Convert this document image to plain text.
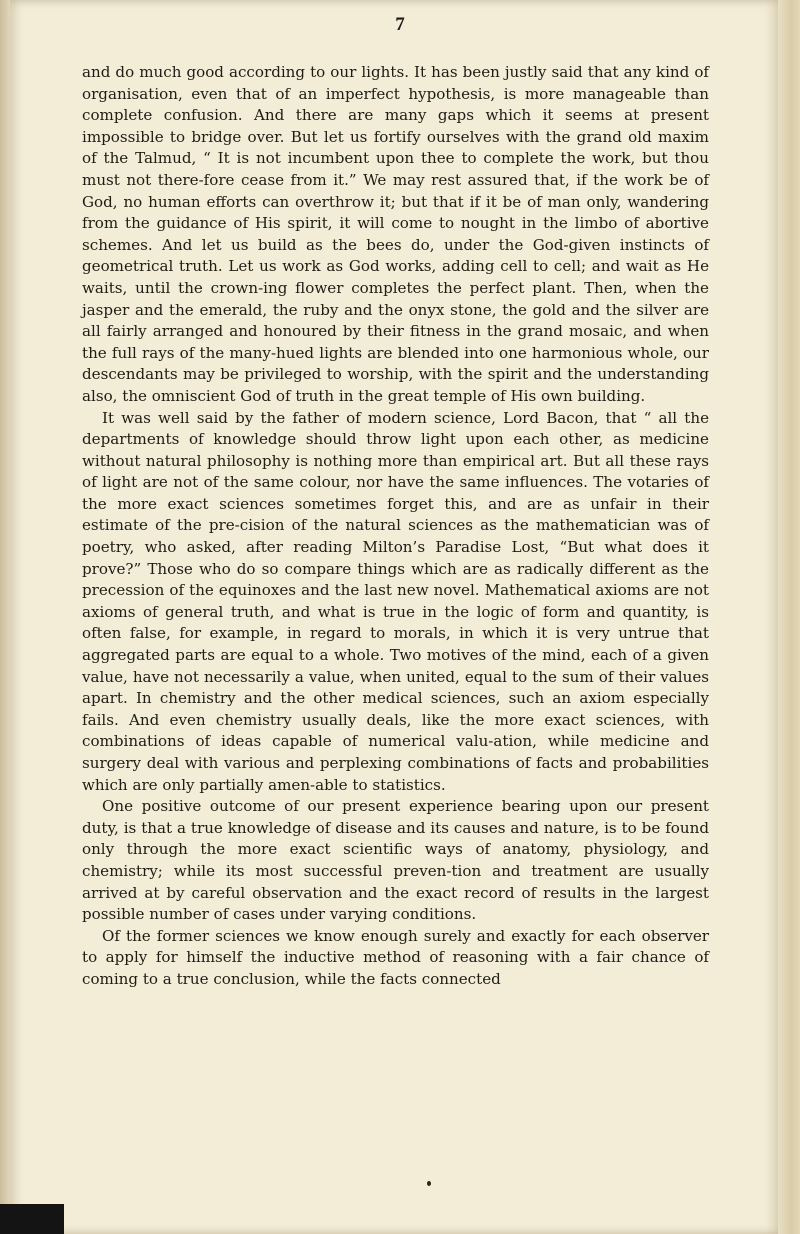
7

and do much good according to our lights. It has been justly said that any kind of organisation, even that of an imperfect hypothesis, is more manageable than complete confusion. And there are many gaps which it seems at present impossible to bridge over. But let us fortify ourselves with the grand old maxim of the Talmud, “ It is not incumbent upon thee to complete the work, but thou must not there-fore cease from it.” We may rest assured that, if the work be of God, no human efforts can overthrow it; but that if it be of man only, wandering from the guidance of His spirit, it will come to nought in the limbo of abortive schemes. And let us build as the bees do, under the God-given instincts of geometrical truth. Let us work as God works, adding cell to cell; and wait as He waits, until the crown-ing flower completes the perfect plant. Then, when the jasper and the emerald, the ruby and the onyx stone, the gold and the silver are all fairly arranged and honoured by their fitness in the grand mosaic, and when the full rays of the many-hued lights are blended into one harmonious whole, our descendants may be privileged to worship, with the spirit and the understanding also, the omniscient God of truth in the great temple of His own building.

It was well said by the father of modern science, Lord Bacon, that “ all the departments of knowledge should throw light upon each other, as medicine without natural philosophy is nothing more than empirical art. But all these rays of light are not of the same colour, nor have the same influences. The votaries of the more exact sciences sometimes forget this, and are as unfair in their estimate of the pre-cision of the natural sciences as the mathematician was of poetry, who asked, after reading Milton’s Paradise Lost, “But what does it prove?” Those who do so compare things which are as radically different as the precession of the equinoxes and the last new novel. Mathematical axioms are not axioms of general truth, and what is true in the logic of form and quantity, is often false, for example, in regard to morals, in which it is very untrue that aggregated parts are equal to a whole. Two motives of the mind, each of a given value, have not necessarily a value, when united, equal to the sum of their values apart. In chemistry and the other medical sciences, such an axiom especially fails. And even chemistry usually deals, like the more exact sciences, with combinations of ideas capable of numerical valu-ation, while medicine and surgery deal with various and perplexing combinations of facts and probabilities which are only partially amen-able to statistics.

One positive outcome of our present experience bearing upon our present duty, is that a true knowledge of disease and its causes and nature, is to be found only through the more exact scientific ways of anatomy, physiology, and chemistry; while its most successful preven-tion and treatment are usually arrived at by careful observation and the exact record of results in the largest possible number of cases under varying conditions.

Of the former sciences we know enough surely and exactly for each observer to apply for himself the inductive method of reasoning with a fair chance of coming to a true conclusion, while the facts connected
